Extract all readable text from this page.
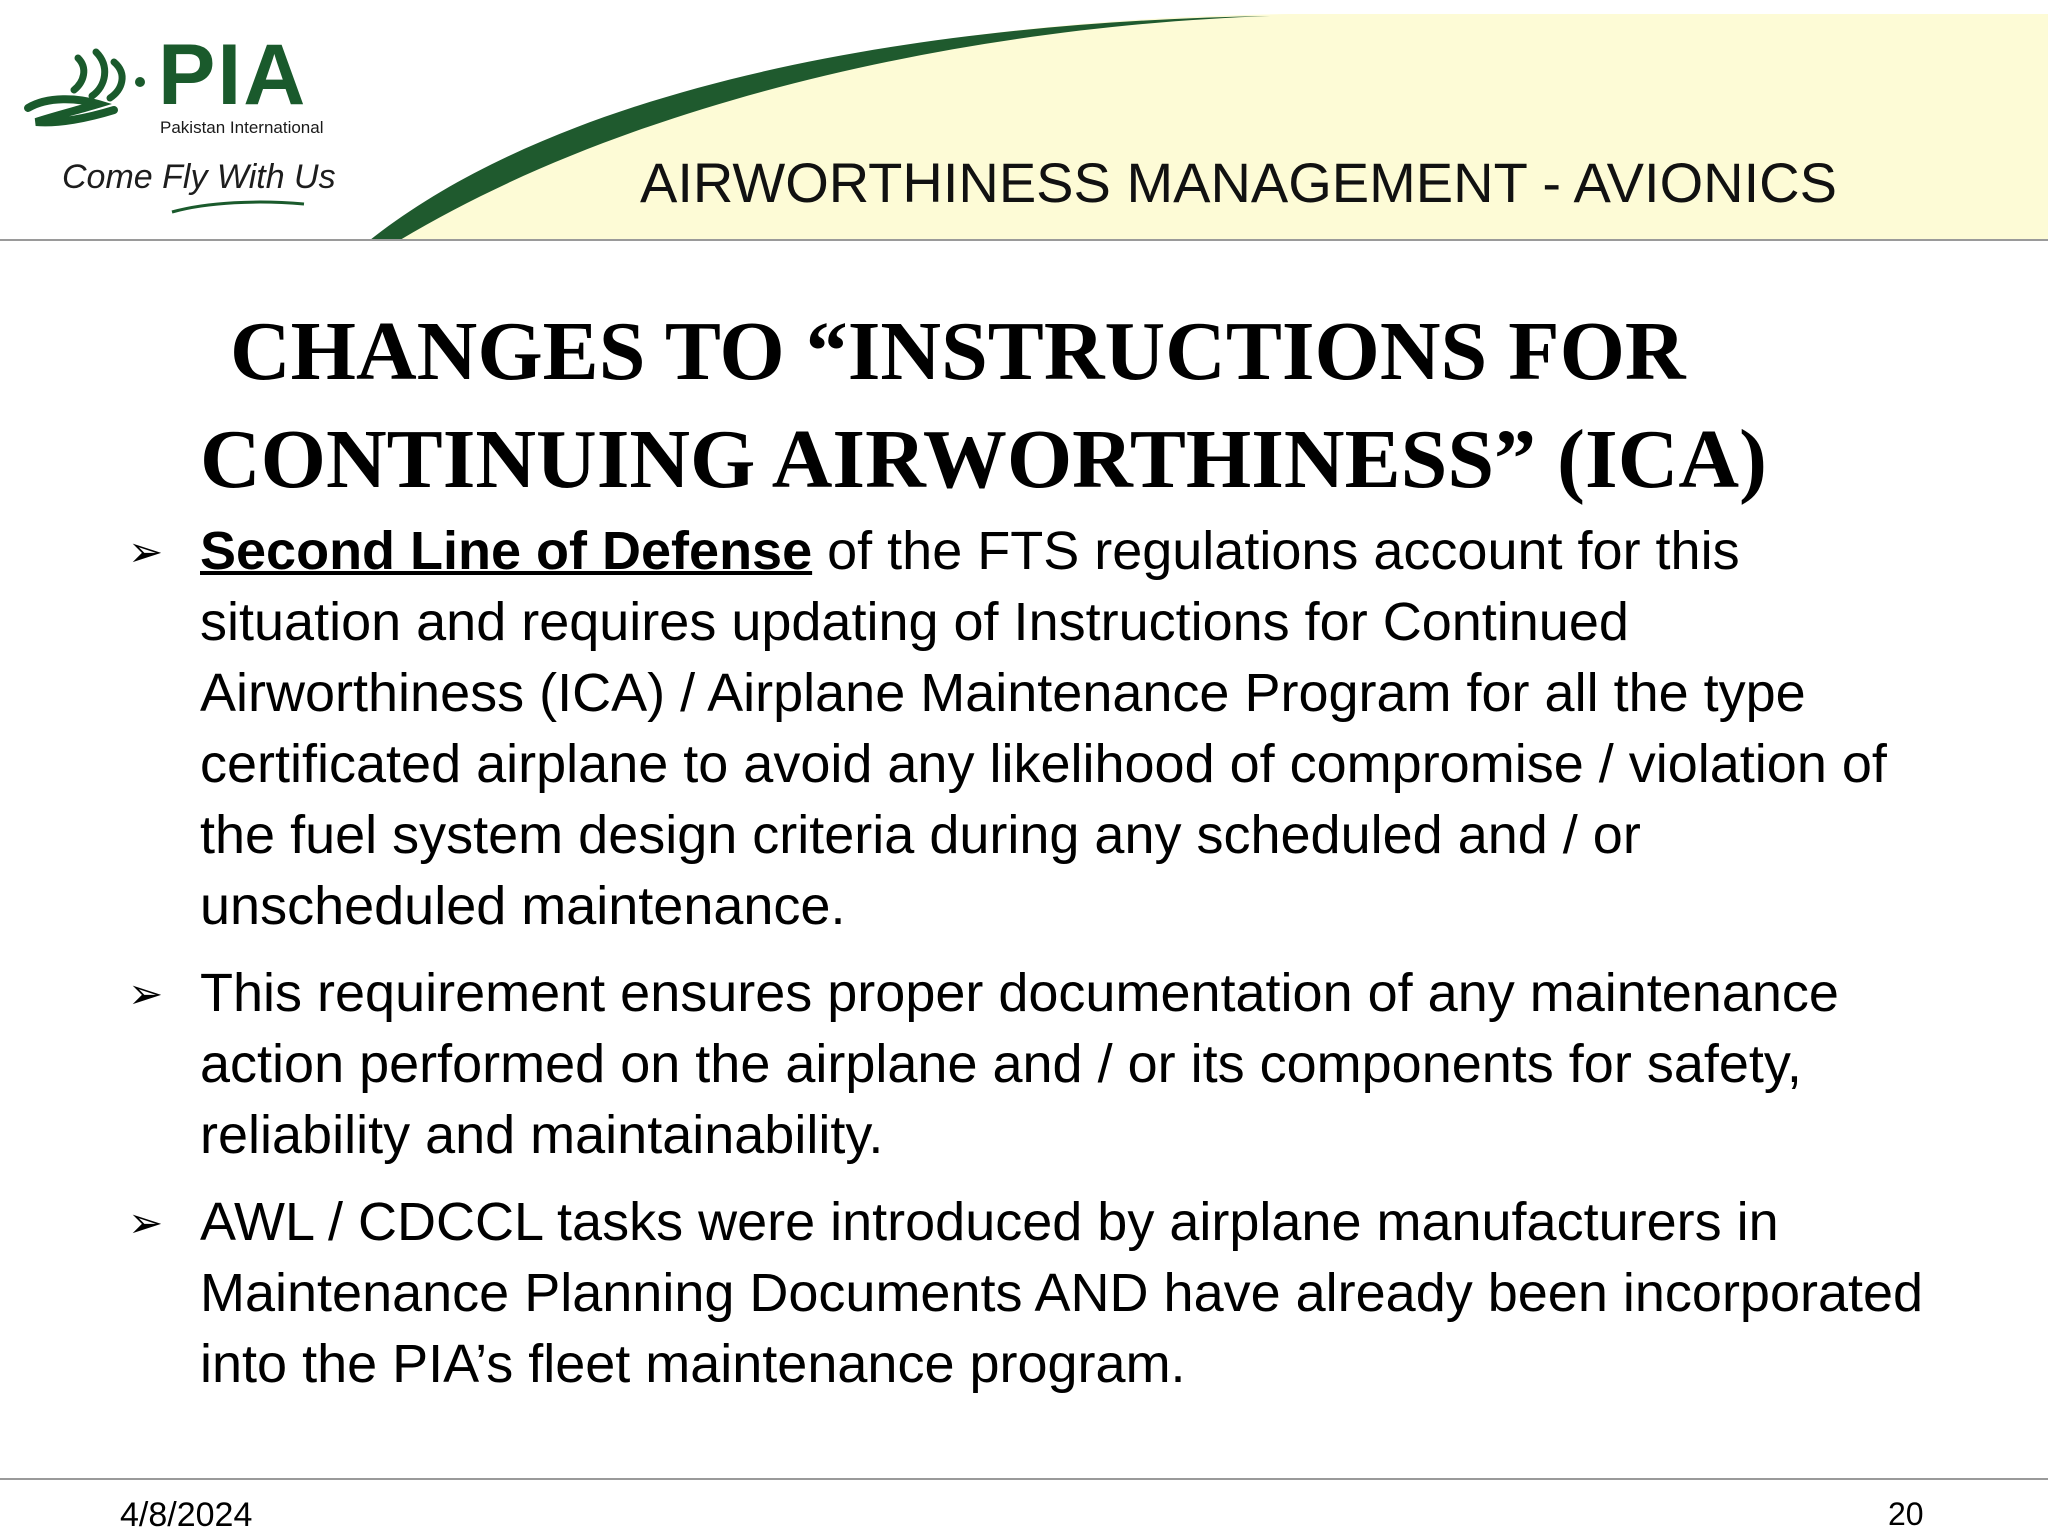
PIA
Pakistan International
Come Fly With Us	AIRWORTHINESS MANAGEMENT - AVIONICS
CHANGES TO “INSTRUCTIONS FOR
CONTINUING AIRWORTHINESS” (ICA)
➢ Second Line of Defense of the FTS regulations account for this situation and requires updating of Instructions for Continued Airworthiness (ICA) / Airplane Maintenance Program for all the type certificated airplane to avoid any likelihood of compromise / violation of the fuel system design criteria during any scheduled and / or unscheduled maintenance.
➢ This requirement ensures proper documentation of any maintenance action performed on the airplane and / or its components for safety, reliability and maintainability.
➢ AWL / CDCCL tasks were introduced by airplane manufacturers in Maintenance Planning Documents AND have already been incorporated into the PIA’s fleet maintenance program.
4/8/2024	20
